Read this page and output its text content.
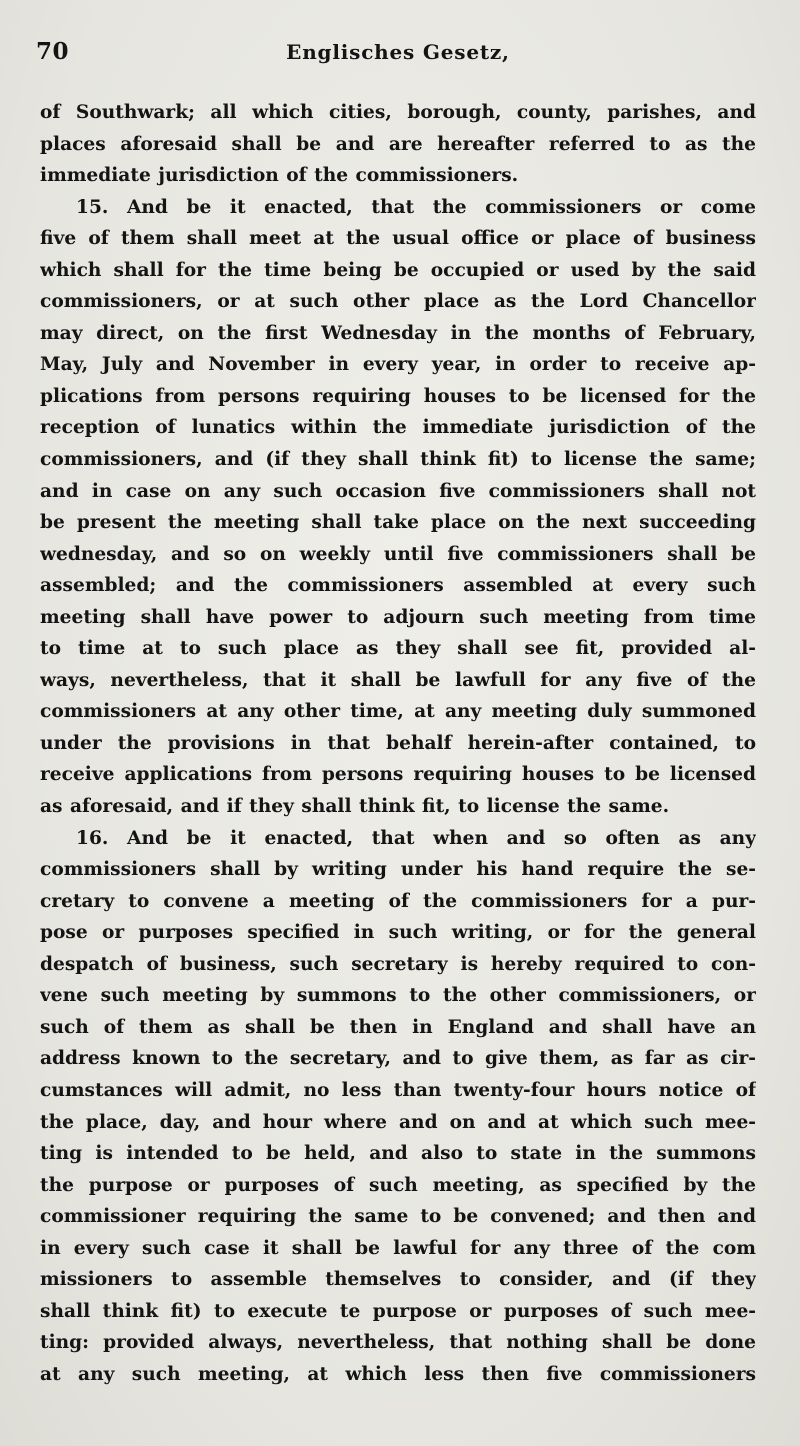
70	Englisches Gesetz,
of Southwark; all which cities, borough, county, parishes, and
places aforesaid shall be and are hereafter referred to as the
immediate jurisdiction of the commissioners.
15. And be it enacted, that the commissioners or come
five of them shall meet at the usual office or place of business
which shall for the time being be occupied or used by the said
commissioners, or at such other place as the Lord Chancellor
may direct, on the first Wednesday in the months of February,
May, July and November in every year, in order to receive ap-
plications from persons requiring houses to be licensed for the
reception of lunatics within the immediate jurisdiction of the
commissioners, and (if they shall think fit) to license the same;
and in case on any such occasion five commissioners shall not
be present the meeting shall take place on the next succeeding
wednesday, and so on weekly until five commissioners shall be
assembled; and the commissioners assembled at every such
meeting shall have power to adjourn such meeting from time
to time at to such place as they shall see fit, provided al-
ways, nevertheless, that it shall be lawfull for any five of the
commissioners at any other time, at any meeting duly summoned
under the provisions in that behalf herein-after contained, to
receive applications from persons requiring houses to be licensed
as aforesaid, and if they shall think fit, to license the same.
16. And be it enacted, that when and so often as any
commissioners shall by writing under his hand require the se-
cretary to convene a meeting of the commissioners for a pur-
pose or purposes specified in such writing, or for the general
despatch of business, such secretary is hereby required to con-
vene such meeting by summons to the other commissioners, or
such of them as shall be then in England and shall have an
address known to the secretary, and to give them, as far as cir-
cumstances will admit, no less than twenty-four hours notice of
the place, day, and hour where and on and at which such mee-
ting is intended to be held, and also to state in the summons
the purpose or purposes of such meeting, as specified by the
commissioner requiring the same to be convened; and then and
in every such case it shall be lawful for any three of the com
missioners to assemble themselves to consider, and (if they
shall think fit) to execute te purpose or purposes of such mee-
ting: provided always, nevertheless, that nothing shall be done
at any such meeting, at which less then five commissioners
